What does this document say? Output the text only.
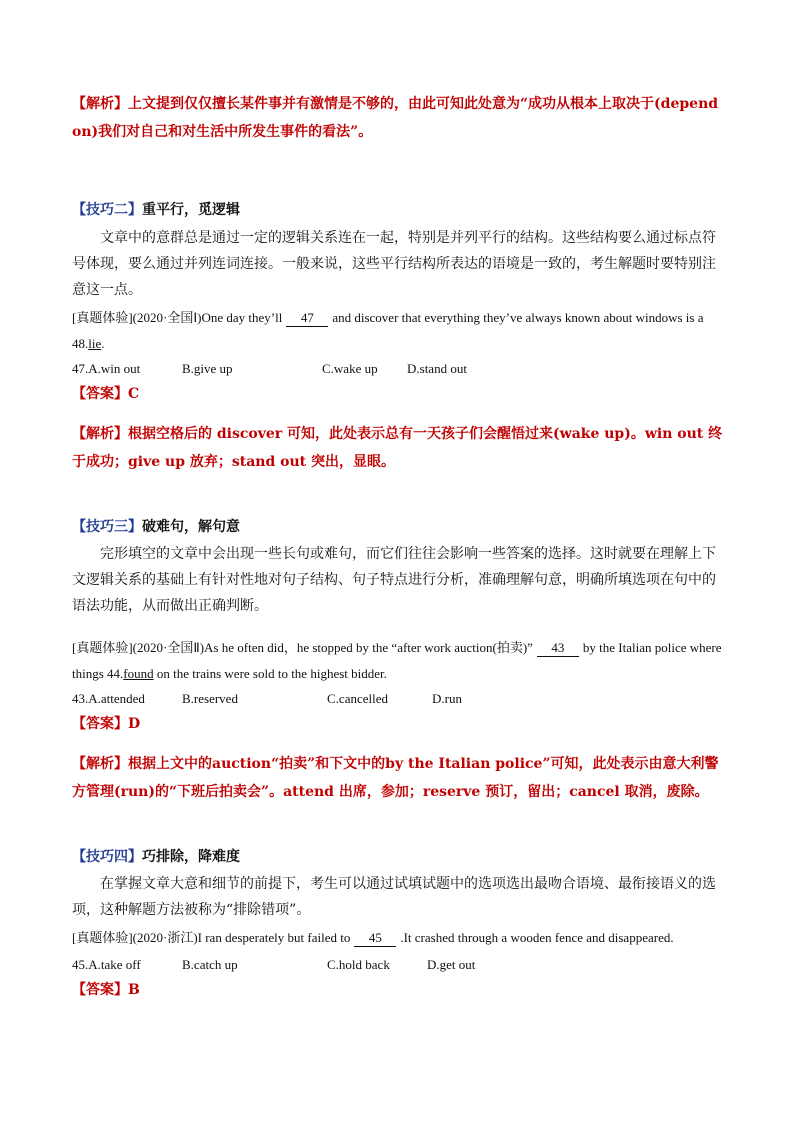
【解析】上文提到仅仅擅长某件事并有激情是不够的，由此可知此处意为“成功从根本上取决于(depend on)我们对自己和对生活中所发生事件的看法”。
【技巧二】重平行，觅逻辑
文章中的意群总是通过一定的逻辑关系连在一起，特别是并列平行的结构。这些结构要么通过标点符号体现，要么通过并列连词连接。一般来说，这些平行结构所表达的语境是一致的，考生解题时要特别注意这一点。
[真题体验](2020·全国Ⅰ)One day they’ll 47 and discover that everything they’ve always known about windows is a 48.lie.
47.A.win out	B.give up	C.wake up D.stand out
【答案】C
【解析】根据空格后的 discover 可知，此处表示总有一天孩子们会醒悟过来(wake up)。win out 终于成功；give up 放弃；stand out 突出，显眼。
【技巧三】破难句，解句意
完形填空的文章中会出现一些长句或难句，而它们往往会影响一些答案的选择。这时就要在理解上下文逻辑关系的基础上有针对性地对句子结构、句子特点进行分析，准确理解句意，明确所填选项在句中的语法功能，从而做出正确判断。
[真题体验](2020·全国Ⅱ)As he often did，he stopped by the “after work auction(拍卖)” 43 by the Italian police where things 44.found on the trains were sold to the highest bidder.
43.A.attended	B.reserved	C.cancelled	D.run
【答案】D
【解析】根据上文中的auction“拍卖”和下文中的by the Italian police”可知，此处表示由意大利警方管理(run)的“下班后拍卖会”。attend 出席，参加；reserve 预订，留出；cancel 取消，废除。
【技巧四】巧排除，降难度
在掌握文章大意和细节的前提下，考生可以通过试填试题中的选项选出最吻合语境、最衔接语义的选项，这种解题方法被称为“排除错项”。
[真题体验](2020·浙江)I ran desperately but failed to 45 .It crashed through a wooden fence and disappeared.
45.A.take off	B.catch up	C.hold back	D.get out
【答案】B
